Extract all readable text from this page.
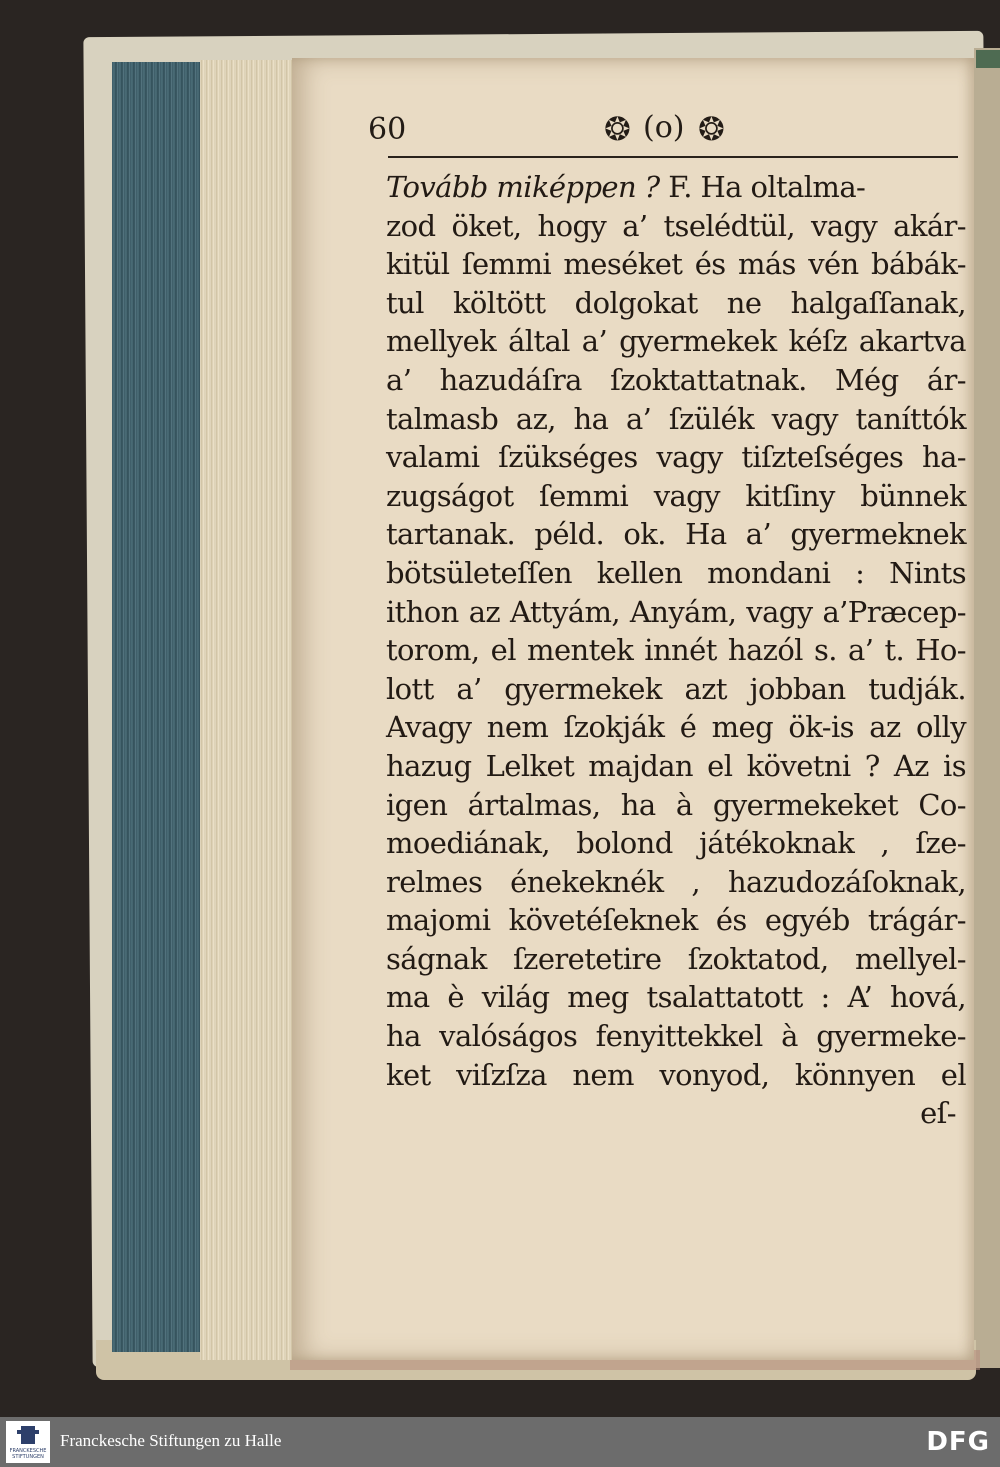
60	❂ (o) ❂
Tovább miképpen ? F. Ha oltalma-
zod öket, hogy a’ tselédtül, vagy akár-
kitül ſemmi meséket és más vén bábák-
tul költött dolgokat ne halgaſſanak,
mellyek által a’ gyermekek kéſz akartva
a’ hazudáſra ſzoktattatnak. Még ár-
talmasb az, ha a’ ſzülék vagy taníttók
valami ſzükséges vagy tiſzteſséges ha-
zugságot ſemmi vagy kitſiny bünnek
tartanak. péld. ok. Ha a’ gyermeknek
bötsületeſſen kellen mondani : Nints
ithon az Attyám, Anyám, vagy a’Præcep-
torom, el mentek innét hazól s. a’ t. Ho-
lott a’ gyermekek azt jobban tudják.
Avagy nem ſzokják é meg ök-is az olly
hazug Lelket majdan el követni ? Az is
igen ártalmas, ha à gyermekeket Co-
moediának, bolond játékoknak , ſze-
relmes énekeknék , hazudozáſoknak,
majomi követéſeknek és egyéb trágár-
ságnak ſzeretetire ſzoktatod, mellyel-
ma è világ meg tsalattatott : A’ hová,
ha valóságos fenyittekkel à gyermeke-
ket viſzſza nem vonyod, könnyen el
eſ-
FRANCKESCHE STIFTUNGEN
Franckesche Stiftungen zu Halle	DFG
